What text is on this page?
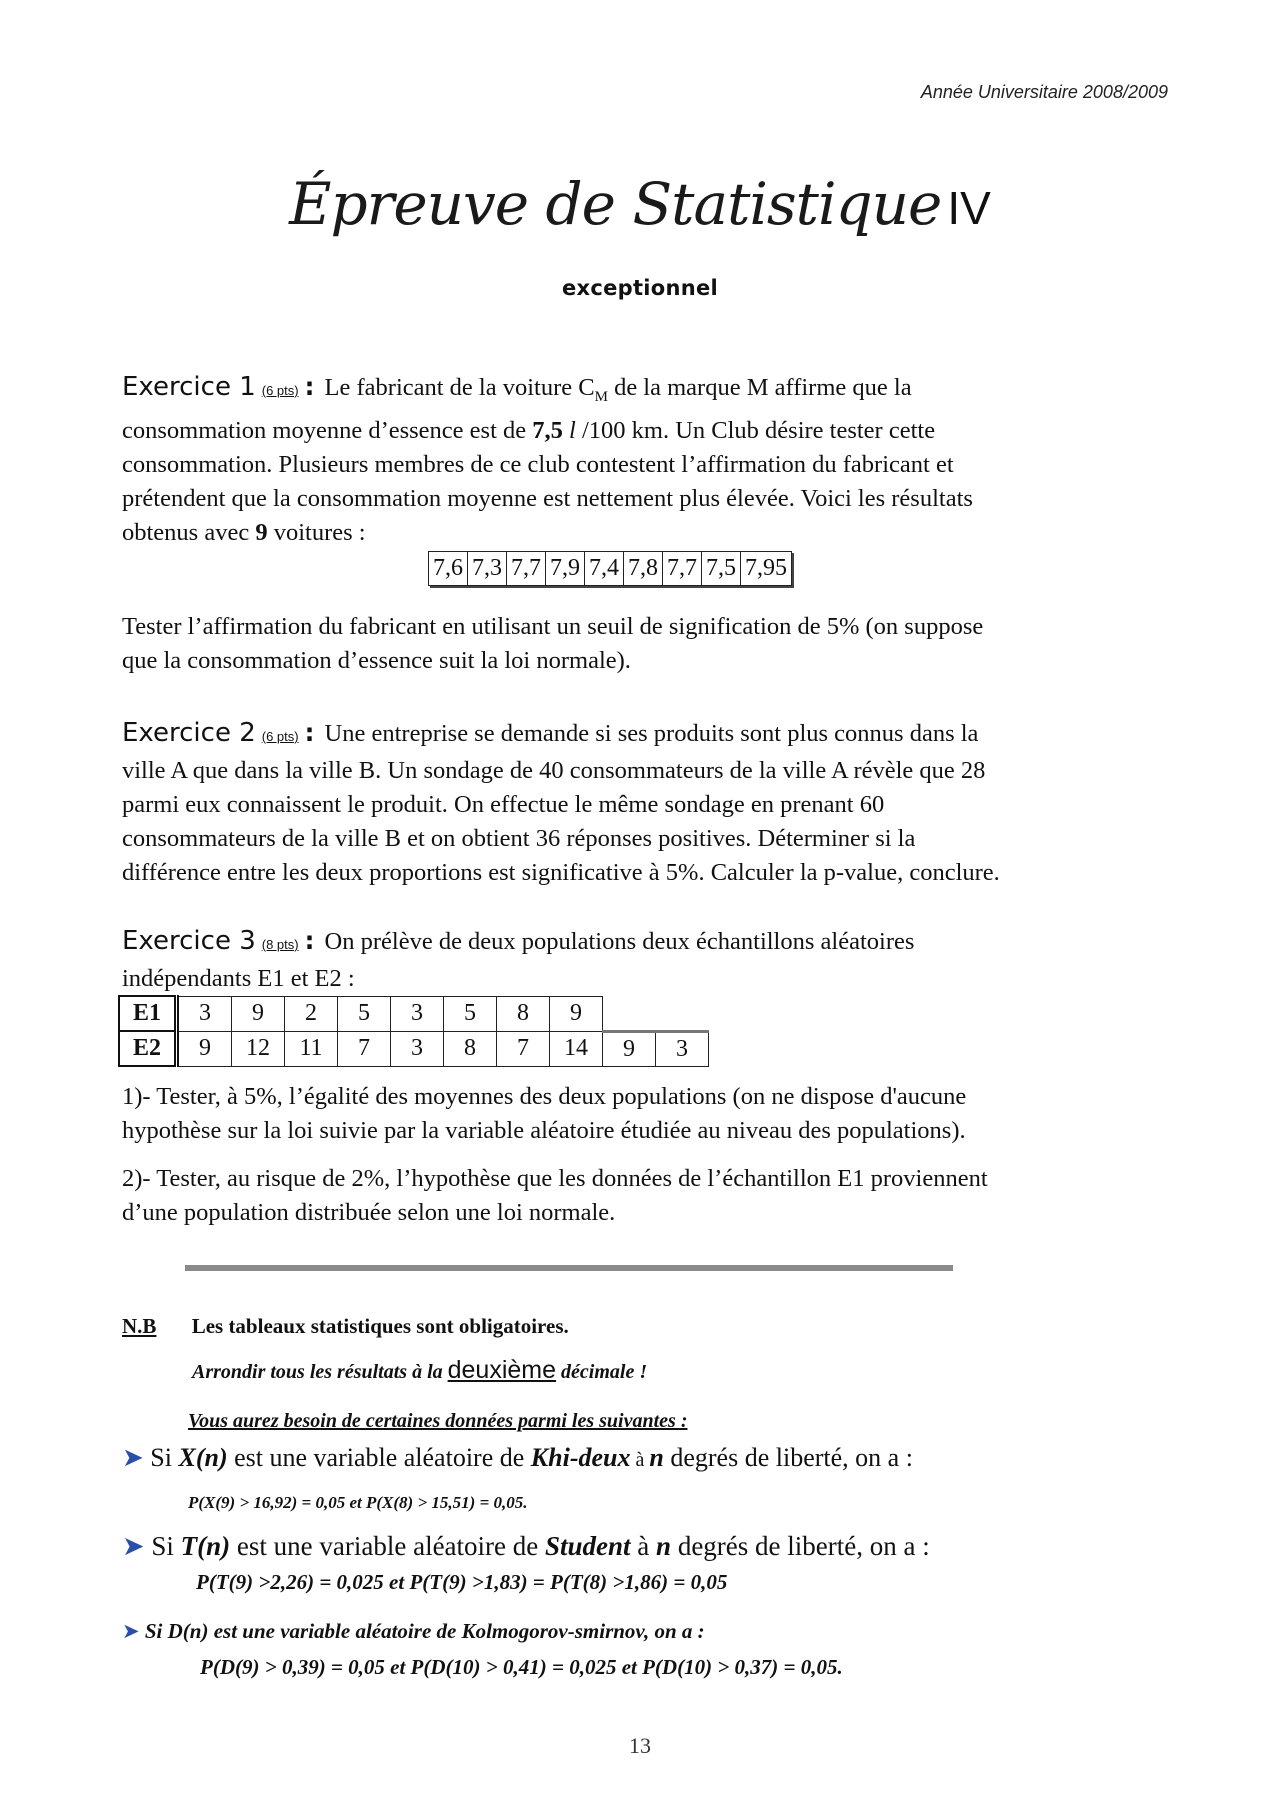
Année Universitaire 2008/2009
Épreuve de Statistique IV
exceptionnel
Exercice 1 (6 pts) : Le fabricant de la voiture $C_M$ de la marque M affirme que la
consommation moyenne d’essence est de 7,5 l /100 km. Un Club désire tester cette
consommation. Plusieurs membres de ce club contestent l’affirmation du fabricant et
prétendent que la consommation moyenne est nettement plus élevée. Voici les résultats
obtenus avec 9 voitures :
7,6	7,3	7,7	7,9	7,4	7,8	7,7	7,5	7,95
Tester l’affirmation du fabricant en utilisant un seuil de signification de 5% (on suppose
que la consommation d’essence suit la loi normale).
Exercice 2 (6 pts) : Une entreprise se demande si ses produits sont plus connus dans la
ville A que dans la ville B. Un sondage de 40 consommateurs de la ville A révèle que 28
parmi eux connaissent le produit. On effectue le même sondage en prenant 60
consommateurs de la ville B et on obtient 36 réponses positives. Déterminer si la
différence entre les deux proportions est significative à 5%. Calculer la p-value, conclure.
Exercice 3 (8 pts) : On prélève de deux populations deux échantillons aléatoires
indépendants E1 et E2 :
E1	3	9	2	5	3	5	8	9		
E2	9	12	11	7	3	8	7	14	9	3
1)- Tester, à 5%, l’égalité des moyennes des deux populations (on ne dispose d'aucune
hypothèse sur la loi suivie par la variable aléatoire étudiée au niveau des populations).
2)- Tester, au risque de 2%, l’hypothèse que les données de l’échantillon E1 proviennent
d’une population distribuée selon une loi normale.
N.B Les tableaux statistiques sont obligatoires.
Arrondir tous les résultats à la deuxième décimale !
Vous aurez besoin de certaines données parmi les suivantes :
➤ Si X(n) est une variable aléatoire de Khi-deux à n degrés de liberté, on a :
P(X(9) > 16,92) = 0,05 et P(X(8) > 15,51) = 0,05.
➤ Si T(n) est une variable aléatoire de Student à n degrés de liberté, on a :
P(T(9) >2,26) = 0,025 et P(T(9) >1,83) = P(T(8) >1,86) = 0,05
➤ Si D(n) est une variable aléatoire de Kolmogorov-smirnov, on a :
P(D(9) > 0,39) = 0,05 et P(D(10) > 0,41) = 0,025 et P(D(10) > 0,37) = 0,05.
13
